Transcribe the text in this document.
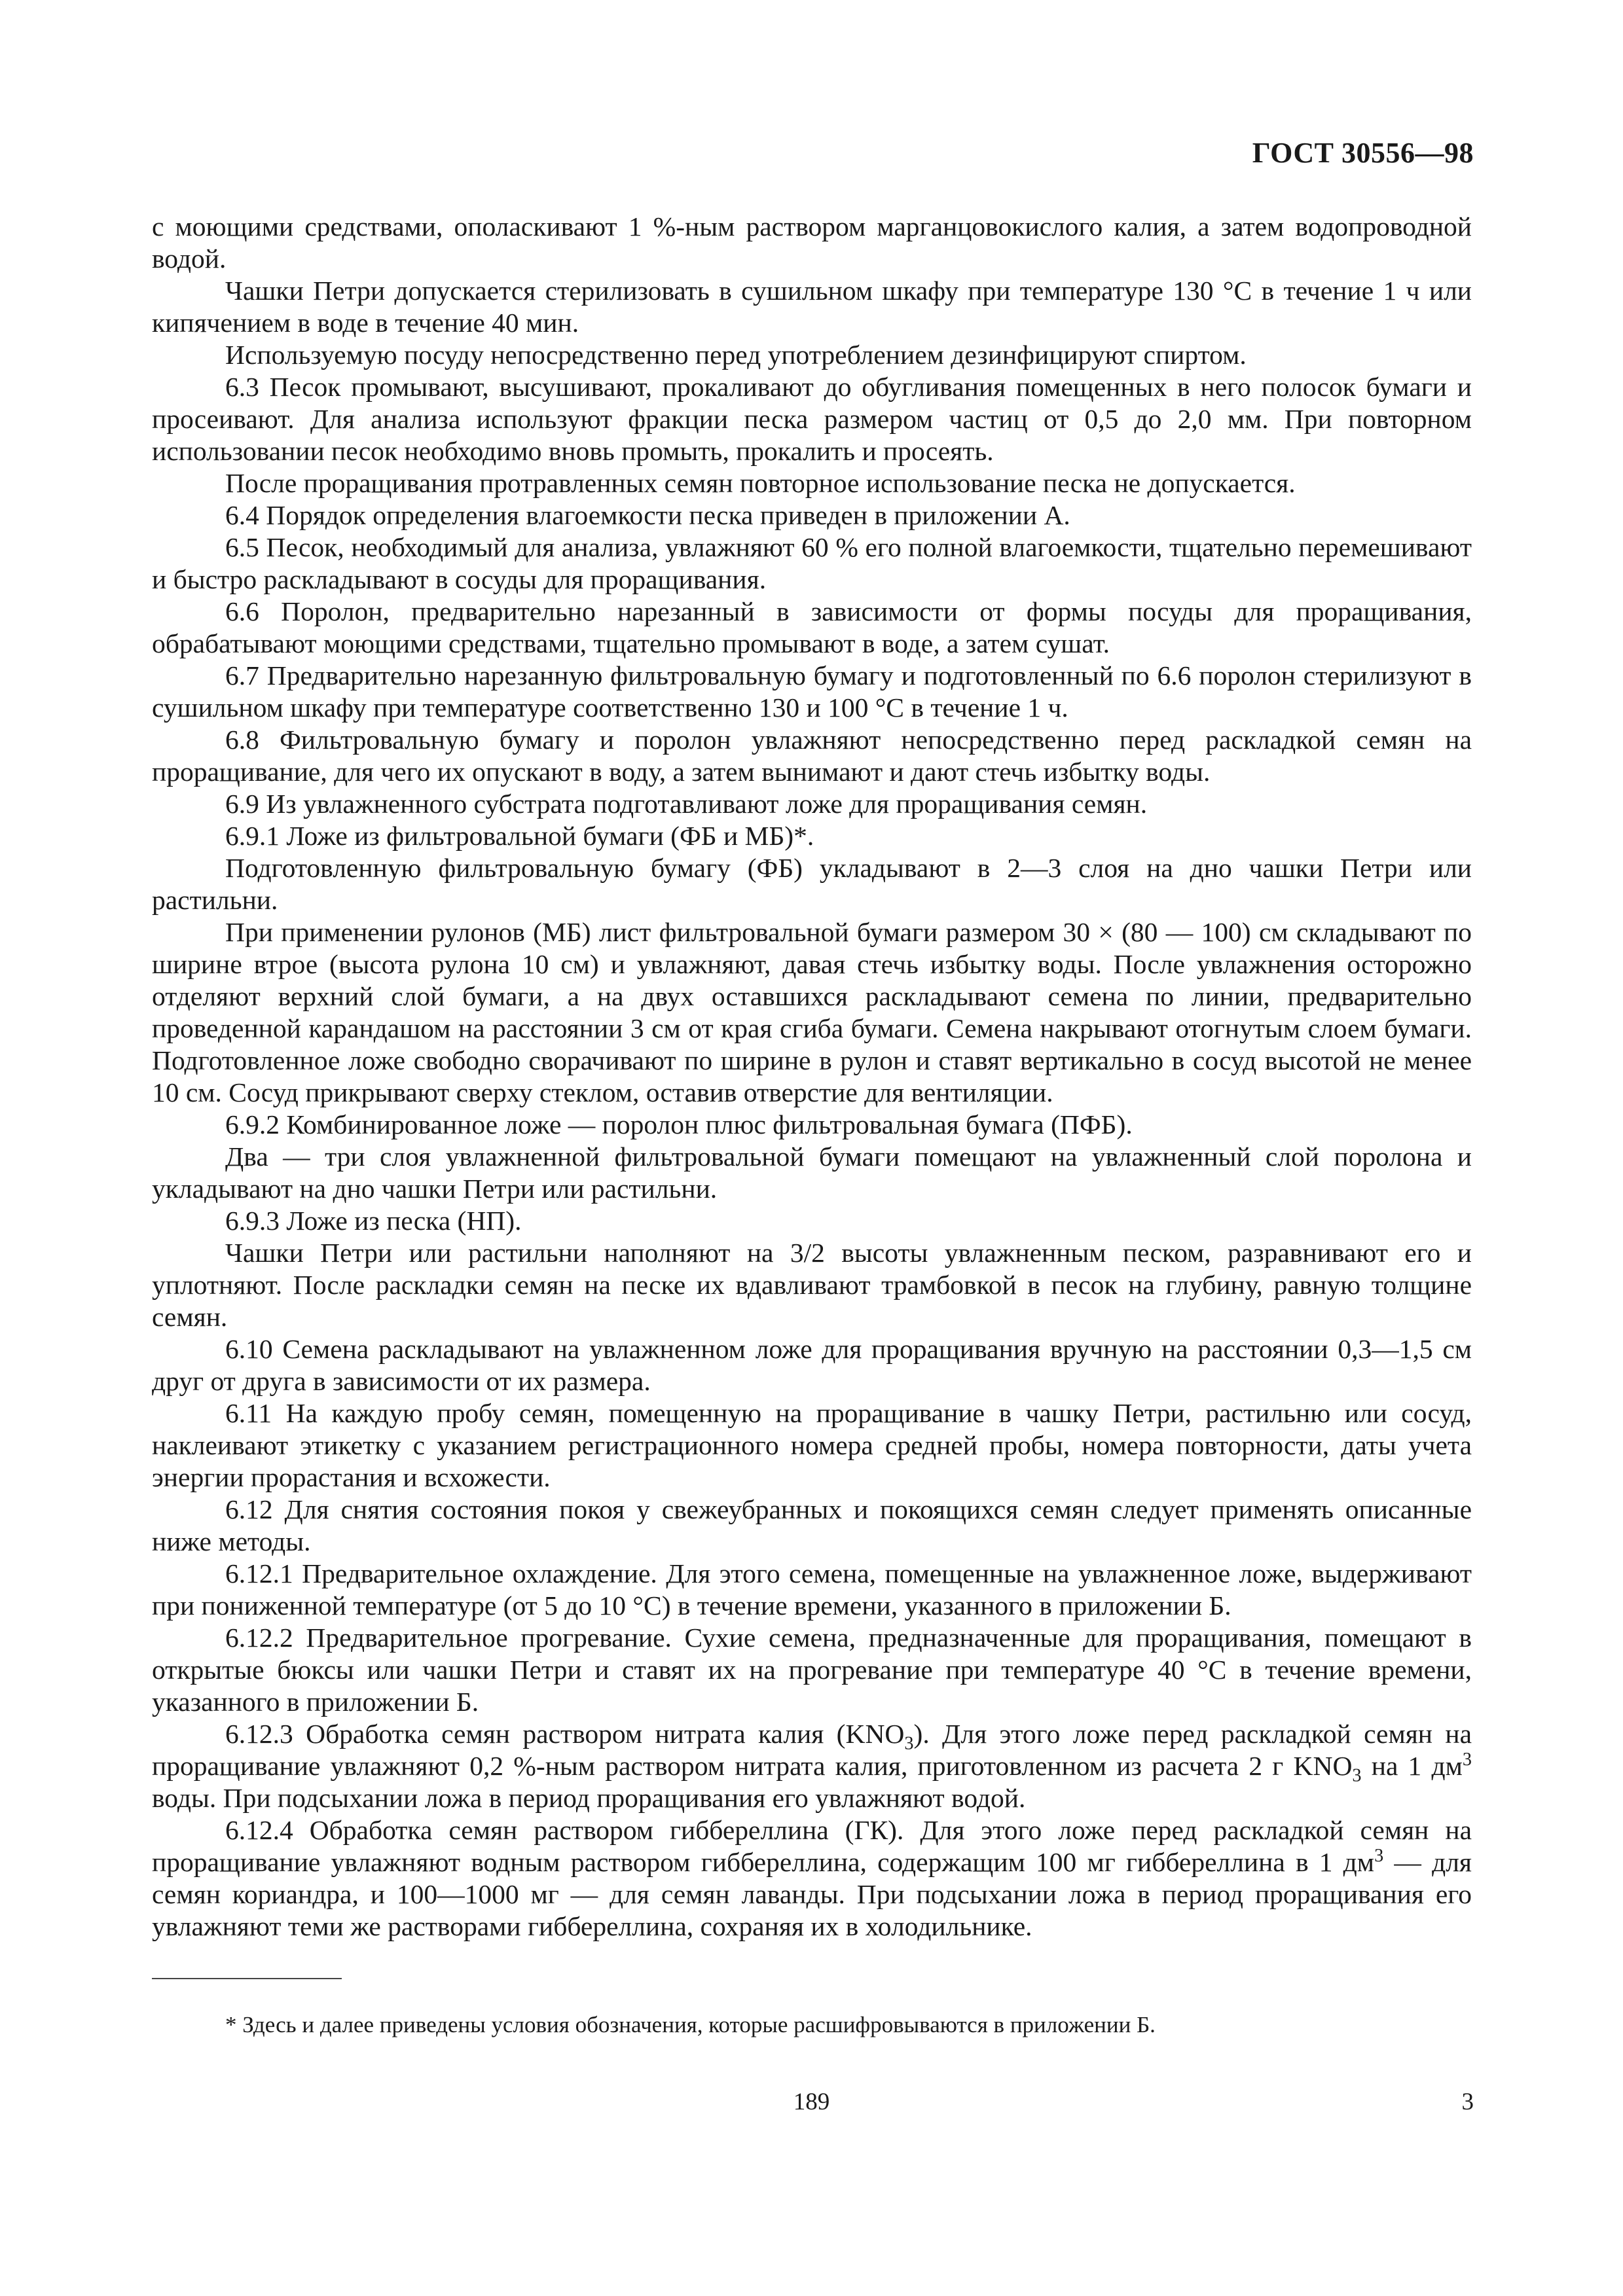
ГОСТ 30556—98

с моющими средствами, ополаскивают 1 %-ным раствором марганцовокислого калия, а затем водопроводной водой.

Чашки Петри допускается стерилизовать в сушильном шкафу при температуре 130 °С в течение 1 ч или кипячением в воде в течение 40 мин.

Используемую посуду непосредственно перед употреблением дезинфицируют спиртом.

6.3 Песок промывают, высушивают, прокаливают до обугливания помещенных в него полосок бумаги и просеивают. Для анализа используют фракции песка размером частиц от 0,5 до 2,0 мм. При повторном использовании песок необходимо вновь промыть, прокалить и просеять.

После проращивания протравленных семян повторное использование песка не допускается.

6.4 Порядок определения влагоемкости песка приведен в приложении А.

6.5 Песок, необходимый для анализа, увлажняют 60 % его полной влагоемкости, тщательно перемешивают и быстро раскладывают в сосуды для проращивания.

6.6 Поролон, предварительно нарезанный в зависимости от формы посуды для проращивания, обрабатывают моющими средствами, тщательно промывают в воде, а затем сушат.

6.7 Предварительно нарезанную фильтровальную бумагу и подготовленный по 6.6 поролон стерилизуют в сушильном шкафу при температуре соответственно 130 и 100 °С в течение 1 ч.

6.8 Фильтровальную бумагу и поролон увлажняют непосредственно перед раскладкой семян на проращивание, для чего их опускают в воду, а затем вынимают и дают стечь избытку воды.

6.9 Из увлажненного субстрата подготавливают ложе для проращивания семян.

6.9.1 Ложе из фильтровальной бумаги (ФБ и МБ)*.

Подготовленную фильтровальную бумагу (ФБ) укладывают в 2—3 слоя на дно чашки Петри или растильни.

При применении рулонов (МБ) лист фильтровальной бумаги размером 30 × (80 — 100) см складывают по ширине втрое (высота рулона 10 см) и увлажняют, давая стечь избытку воды. После увлажнения осторожно отделяют верхний слой бумаги, а на двух оставшихся раскладывают семена по линии, предварительно проведенной карандашом на расстоянии 3 см от края сгиба бумаги. Семена накрывают отогнутым слоем бумаги. Подготовленное ложе свободно сворачивают по ширине в рулон и ставят вертикально в сосуд высотой не менее 10 см. Сосуд прикрывают сверху стеклом, оставив отверстие для вентиляции.

6.9.2 Комбинированное ложе — поролон плюс фильтровальная бумага (ПФБ).

Два — три слоя увлажненной фильтровальной бумаги помещают на увлажненный слой поролона и укладывают на дно чашки Петри или растильни.

6.9.3 Ложе из песка (НП).

Чашки Петри или растильни наполняют на 3/2 высоты увлажненным песком, разравнивают его и уплотняют. После раскладки семян на песке их вдавливают трамбовкой в песок на глубину, равную толщине семян.

6.10 Семена раскладывают на увлажненном ложе для проращивания вручную на расстоянии 0,3—1,5 см друг от друга в зависимости от их размера.

6.11 На каждую пробу семян, помещенную на проращивание в чашку Петри, растильню или сосуд, наклеивают этикетку с указанием регистрационного номера средней пробы, номера повторности, даты учета энергии прорастания и всхожести.

6.12 Для снятия состояния покоя у свежеубранных и покоящихся семян следует применять описанные ниже методы.

6.12.1 Предварительное охлаждение. Для этого семена, помещенные на увлажненное ложе, выдерживают при пониженной температуре (от 5 до 10 °С) в течение времени, указанного в приложении Б.

6.12.2 Предварительное прогревание. Сухие семена, предназначенные для проращивания, помещают в открытые бюксы или чашки Петри и ставят их на прогревание при температуре 40 °С в течение времени, указанного в приложении Б.

6.12.3 Обработка семян раствором нитрата калия $(KNO_3)$. Для этого ложе перед раскладкой семян на проращивание увлажняют 0,2 %-ным раствором нитрата калия, приготовленном из расчета 2 г $KNO_3$ на 1 $дм^3$ воды. При подсыхании ложа в период проращивания его увлажняют водой.

6.12.4 Обработка семян раствором гиббереллина (ГК). Для этого ложе перед раскладкой семян на проращивание увлажняют водным раствором гиббереллина, содержащим 100 мг гиббереллина в 1 $дм^3$ — для семян кориандра, и 100—1000 мг — для семян лаванды. При подсыхании ложа в период проращивания его увлажняют теми же растворами гиббереллина, сохраняя их в холодильнике.

* Здесь и далее приведены условия обозначения, которые расшифровываются в приложении Б.
189	3
